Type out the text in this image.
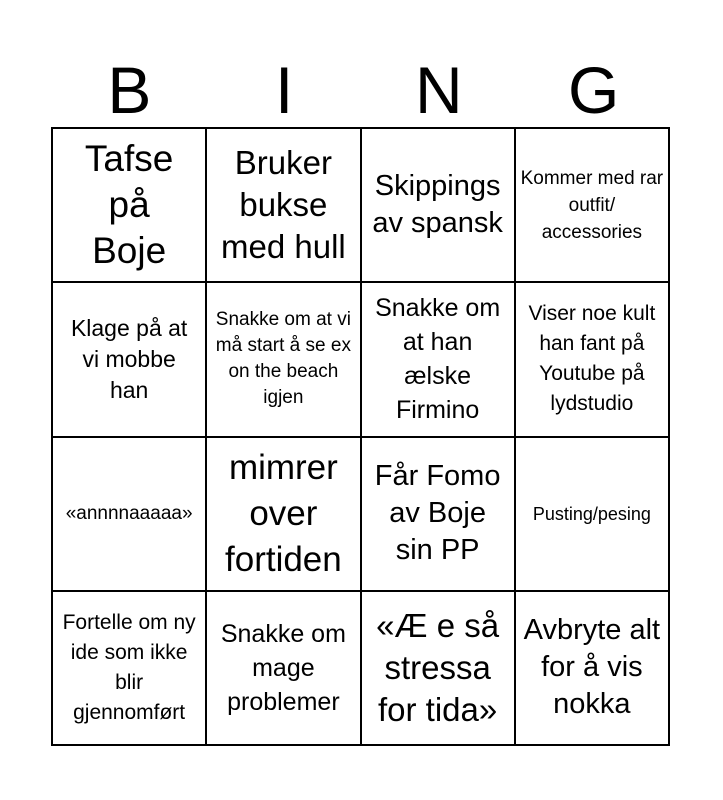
B	I	N	G
Tafse på Boje
Bruker bukse med hull
Skippings av spansk
Kommer med rar outfit/ accessories
Klage på at vi mobbe han
Snakke om at vi må start å se ex on the beach igjen
Snakke om at han ælske Firmino
Viser noe kult han fant på Youtube på lydstudio
«annnnaaaaa»
mimrer over fortiden
Får Fomo av Boje sin PP
Pusting/pesing
Fortelle om ny ide som ikke blir gjennomført
Snakke om mage problemer
«Æ e så stressa for tida»
Avbryte alt for å vis nokka
